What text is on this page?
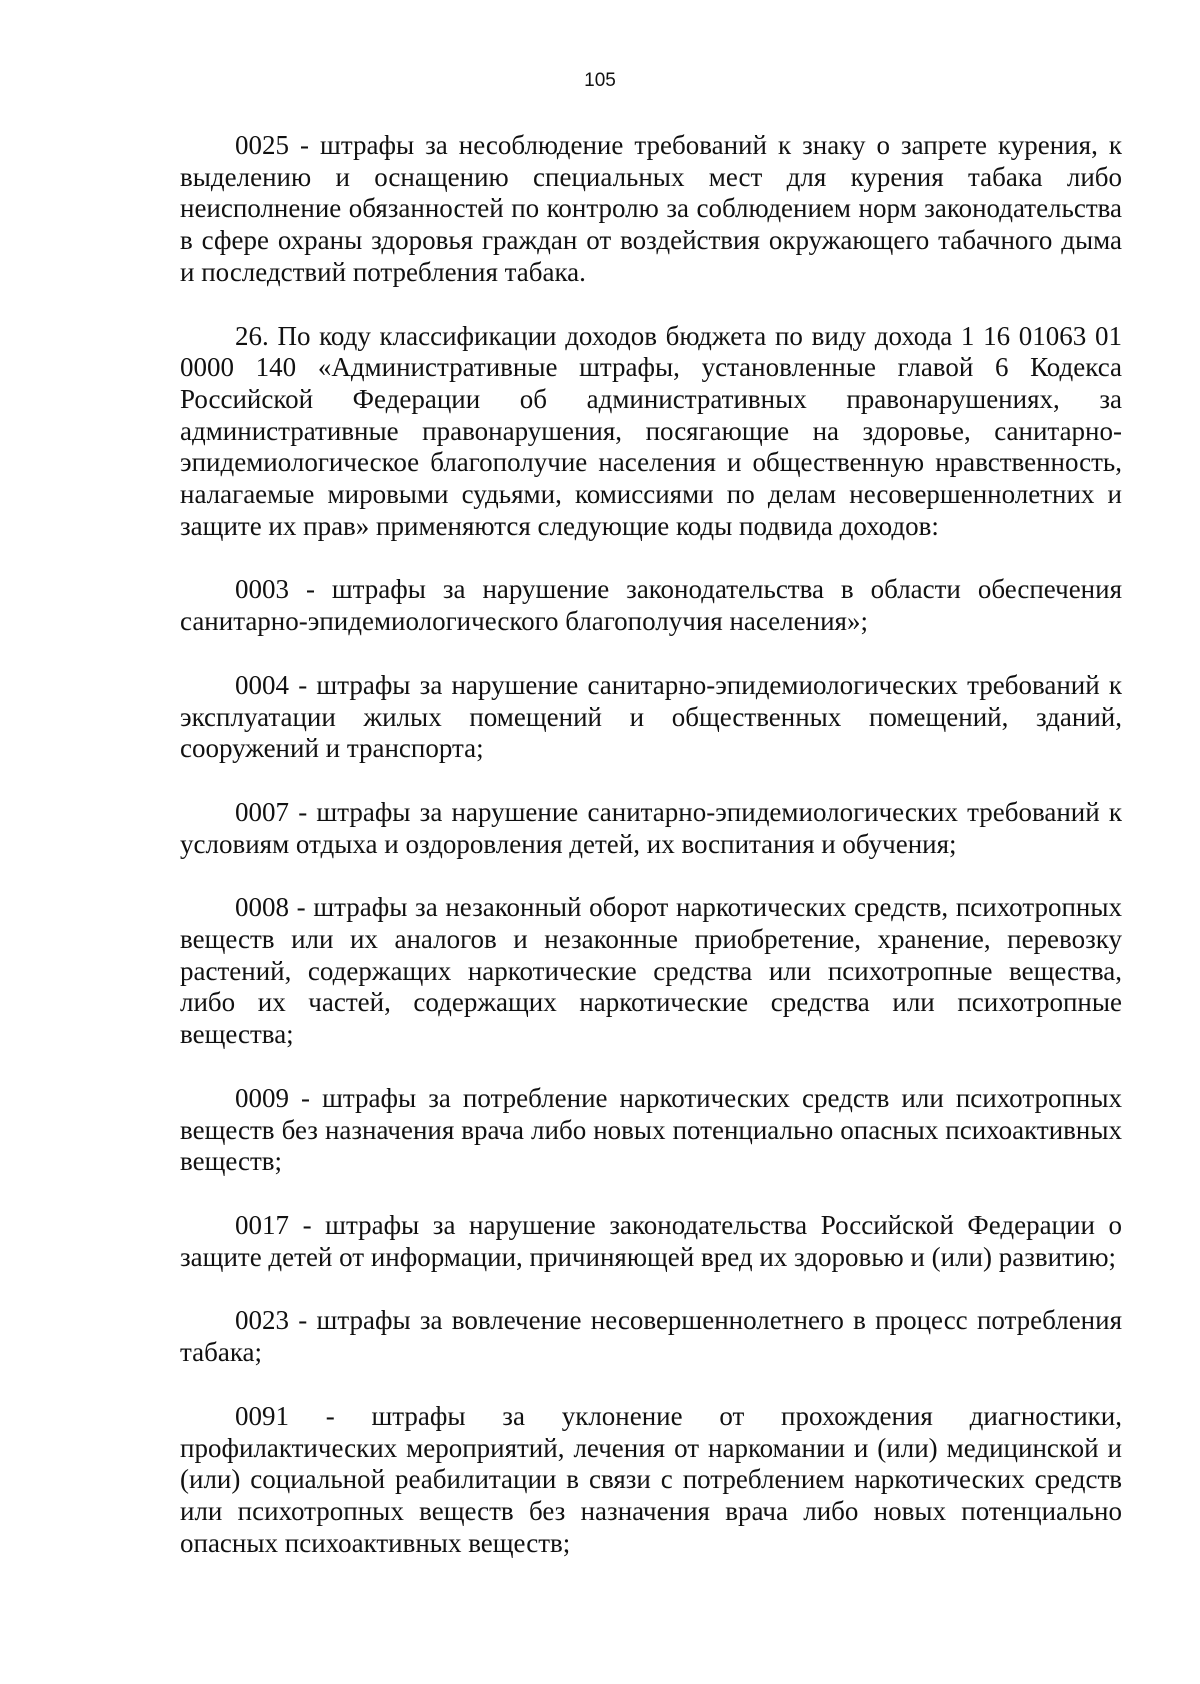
105

0025 - штрафы за несоблюдение требований к знаку о запрете курения, к выделению и оснащению специальных мест для курения табака либо неисполнение обязанностей по контролю за соблюдением норм законодательства в сфере охраны здоровья граждан от воздействия окружающего табачного дыма и последствий потребления табака.

26. По коду классификации доходов бюджета по виду дохода 1 16 01063 01 0000 140 «Административные штрафы, установленные главой 6 Кодекса Российской Федерации об административных правонарушениях, за административные правонарушения, посягающие на здоровье, санитарно-эпидемиологическое благополучие населения и общественную нравственность, налагаемые мировыми судьями, комиссиями по делам несовершеннолетних и защите их прав» применяются следующие коды подвида доходов:

0003 - штрафы за нарушение законодательства в области обеспечения санитарно-эпидемиологического благополучия населения»;

0004 - штрафы за нарушение санитарно-эпидемиологических требований к эксплуатации жилых помещений и общественных помещений, зданий, сооружений и транспорта;

0007 - штрафы за нарушение санитарно-эпидемиологических требований к условиям отдыха и оздоровления детей, их воспитания и обучения;

0008 - штрафы за незаконный оборот наркотических средств, психотропных веществ или их аналогов и незаконные приобретение, хранение, перевозку растений, содержащих наркотические средства или психотропные вещества, либо их частей, содержащих наркотические средства или психотропные вещества;

0009 - штрафы за потребление наркотических средств или психотропных веществ без назначения врача либо новых потенциально опасных психоактивных веществ;

0017 - штрафы за нарушение законодательства Российской Федерации о защите детей от информации, причиняющей вред их здоровью и (или) развитию;

0023 - штрафы за вовлечение несовершеннолетнего в процесс потребления табака;

0091 - штрафы за уклонение от прохождения диагностики, профилактических мероприятий, лечения от наркомании и (или) медицинской и (или) социальной реабилитации в связи с потреблением наркотических средств или психотропных веществ без назначения врача либо новых потенциально опасных психоактивных веществ;
